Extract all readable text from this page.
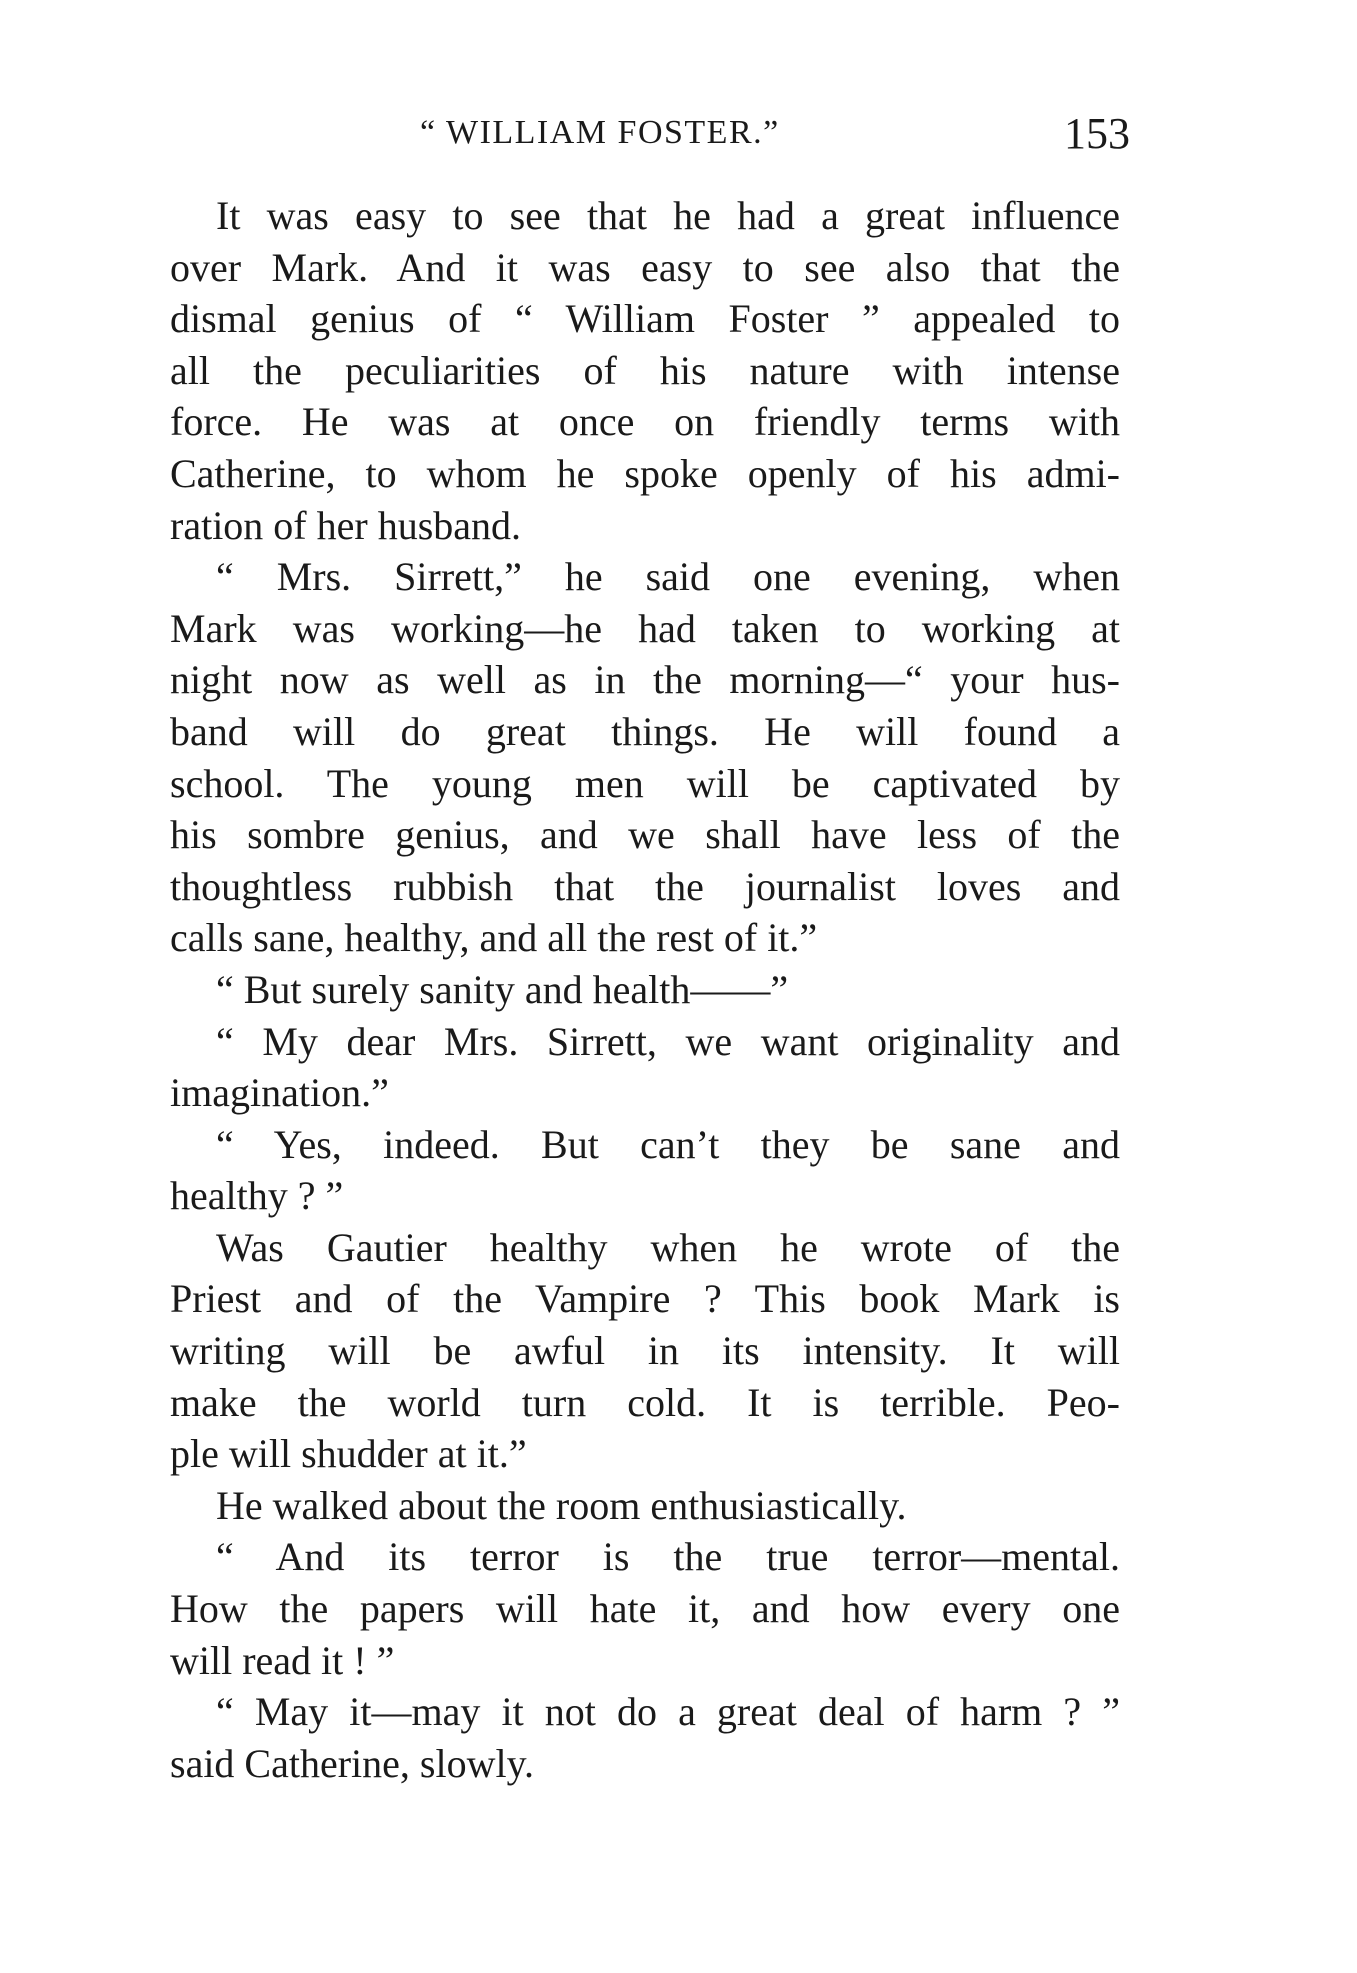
“ WILLIAM FOSTER.”	153
It was easy to see that he had a great influence
over Mark. And it was easy to see also that the
dismal genius of “ William Foster ” appealed to
all the peculiarities of his nature with intense
force. He was at once on friendly terms with
Catherine, to whom he spoke openly of his admi-
ration of her husband.
“ Mrs. Sirrett,” he said one evening, when
Mark was working—he had taken to working at
night now as well as in the morning—“ your hus-
band will do great things. He will found a
school. The young men will be captivated by
his sombre genius, and we shall have less of the
thoughtless rubbish that the journalist loves and
calls sane, healthy, and all the rest of it.”
“ But surely sanity and health——”
“ My dear Mrs. Sirrett, we want originality and
imagination.”
“ Yes, indeed. But can’t they be sane and
healthy ? ”
Was Gautier healthy when he wrote of the
Priest and of the Vampire ? This book Mark is
writing will be awful in its intensity. It will
make the world turn cold. It is terrible. Peo-
ple will shudder at it.”
He walked about the room enthusiastically.
“ And its terror is the true terror—mental.
How the papers will hate it, and how every one
will read it ! ”
“ May it—may it not do a great deal of harm ? ”
said Catherine, slowly.
